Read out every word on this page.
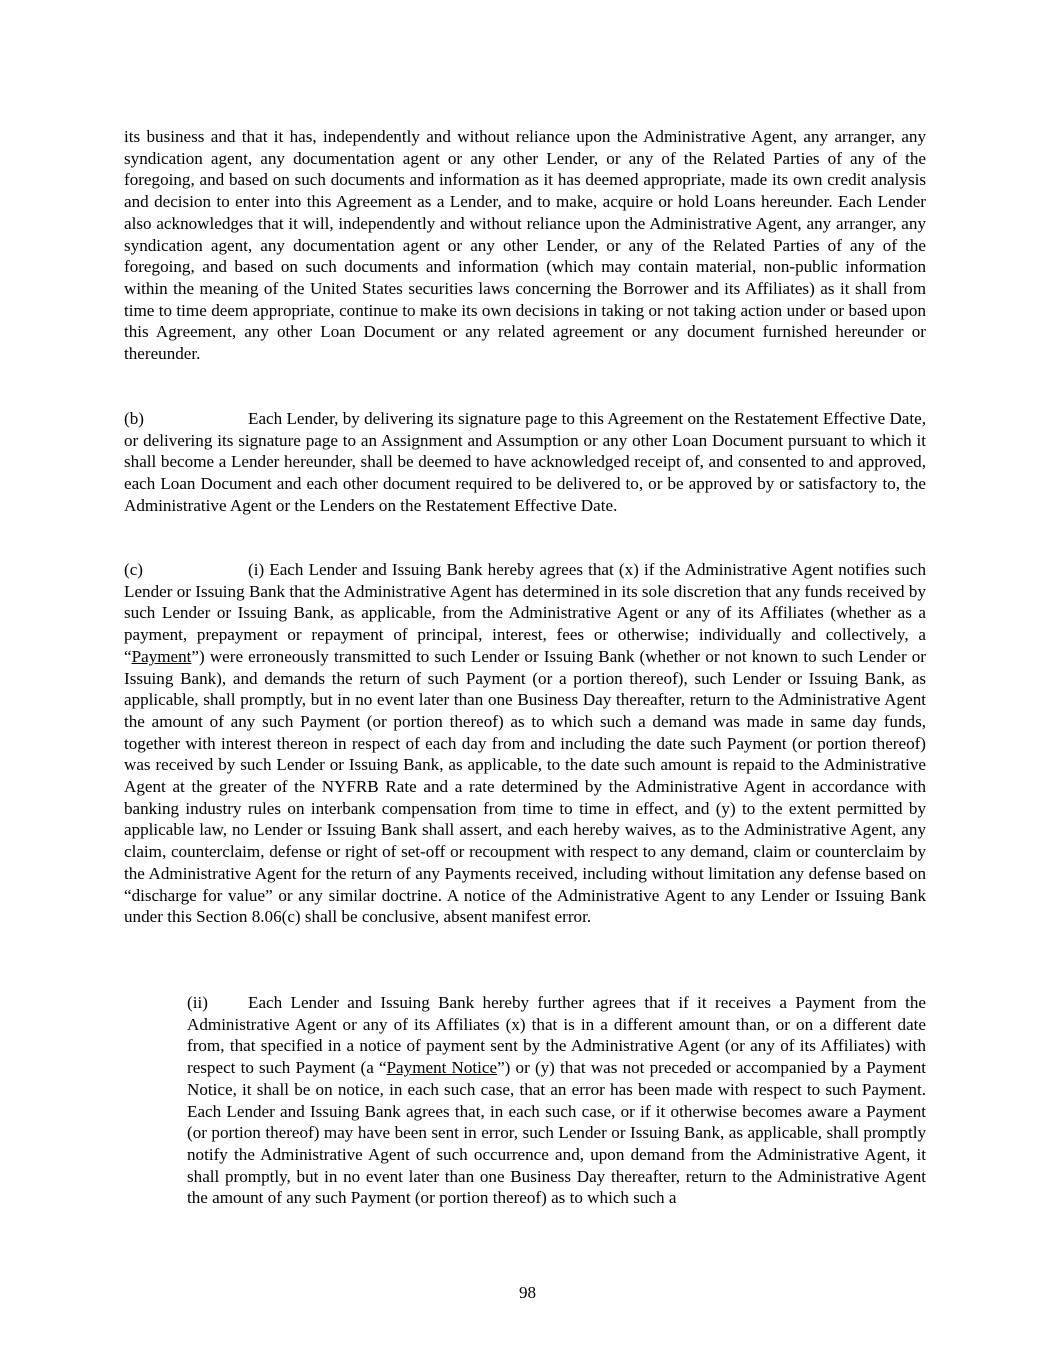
its business and that it has, independently and without reliance upon the Administrative Agent, any arranger, any syndication agent, any documentation agent or any other Lender, or any of the Related Parties of any of the foregoing, and based on such documents and information as it has deemed appropriate, made its own credit analysis and decision to enter into this Agreement as a Lender, and to make, acquire or hold Loans hereunder. Each Lender also acknowledges that it will, independently and without reliance upon the Administrative Agent, any arranger, any syndication agent, any documentation agent or any other Lender, or any of the Related Parties of any of the foregoing, and based on such documents and information (which may contain material, non-public information within the meaning of the United States securities laws concerning the Borrower and its Affiliates) as it shall from time to time deem appropriate, continue to make its own decisions in taking or not taking action under or based upon this Agreement, any other Loan Document or any related agreement or any document furnished hereunder or thereunder.

(b)	Each Lender, by delivering its signature page to this Agreement on the Restatement Effective Date, or delivering its signature page to an Assignment and Assumption or any other Loan Document pursuant to which it shall become a Lender hereunder, shall be deemed to have acknowledged receipt of, and consented to and approved, each Loan Document and each other document required to be delivered to, or be approved by or satisfactory to, the Administrative Agent or the Lenders on the Restatement Effective Date.

(c)	(i) Each Lender and Issuing Bank hereby agrees that (x) if the Administrative Agent notifies such Lender or Issuing Bank that the Administrative Agent has determined in its sole discretion that any funds received by such Lender or Issuing Bank, as applicable, from the Administrative Agent or any of its Affiliates (whether as a payment, prepayment or repayment of principal, interest, fees or otherwise; individually and collectively, a “Payment”) were erroneously transmitted to such Lender or Issuing Bank (whether or not known to such Lender or Issuing Bank), and demands the return of such Payment (or a portion thereof), such Lender or Issuing Bank, as applicable, shall promptly, but in no event later than one Business Day thereafter, return to the Administrative Agent the amount of any such Payment (or portion thereof) as to which such a demand was made in same day funds, together with interest thereon in respect of each day from and including the date such Payment (or portion thereof) was received by such Lender or Issuing Bank, as applicable, to the date such amount is repaid to the Administrative Agent at the greater of the NYFRB Rate and a rate determined by the Administrative Agent in accordance with banking industry rules on interbank compensation from time to time in effect, and (y) to the extent permitted by applicable law, no Lender or Issuing Bank shall assert, and each hereby waives, as to the Administrative Agent, any claim, counterclaim, defense or right of set-off or recoupment with respect to any demand, claim or counterclaim by the Administrative Agent for the return of any Payments received, including without limitation any defense based on “discharge for value” or any similar doctrine. A notice of the Administrative Agent to any Lender or Issuing Bank under this Section 8.06(c) shall be conclusive, absent manifest error.

(ii) Each Lender and Issuing Bank hereby further agrees that if it receives a Payment from the Administrative Agent or any of its Affiliates (x) that is in a different amount than, or on a different date from, that specified in a notice of payment sent by the Administrative Agent (or any of its Affiliates) with respect to such Payment (a “Payment Notice”) or (y) that was not preceded or accompanied by a Payment Notice, it shall be on notice, in each such case, that an error has been made with respect to such Payment. Each Lender and Issuing Bank agrees that, in each such case, or if it otherwise becomes aware a Payment (or portion thereof) may have been sent in error, such Lender or Issuing Bank, as applicable, shall promptly notify the Administrative Agent of such occurrence and, upon demand from the Administrative Agent, it shall promptly, but in no event later than one Business Day thereafter, return to the Administrative Agent the amount of any such Payment (or portion thereof) as to which such a

98
